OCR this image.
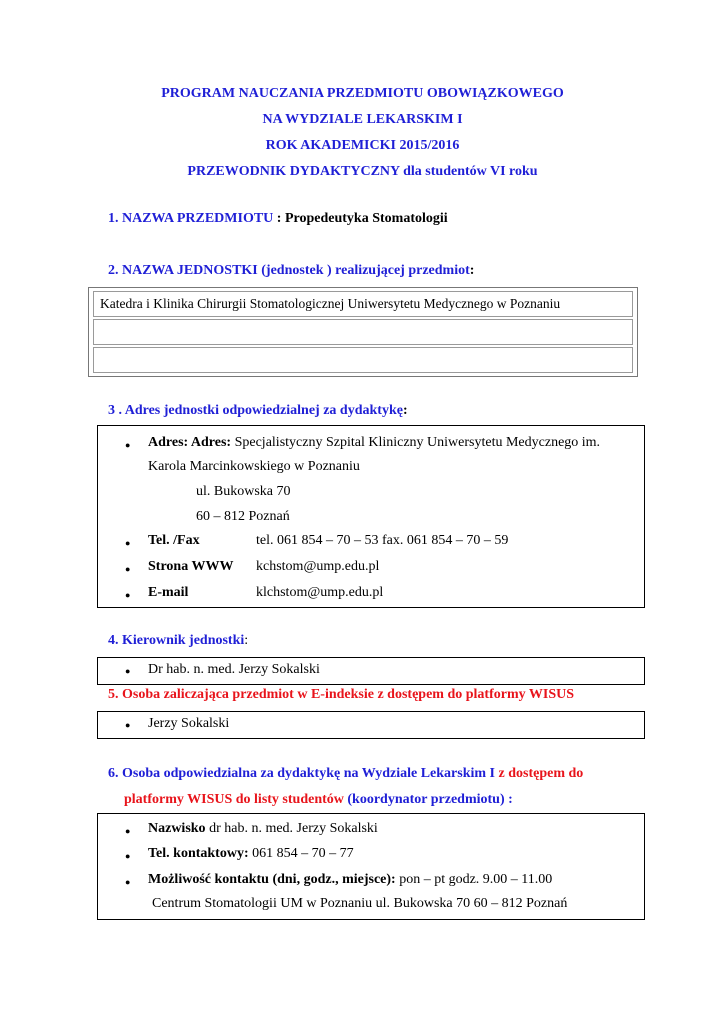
PROGRAM NAUCZANIA PRZEDMIOTU OBOWIĄZKOWEGO
NA WYDZIALE LEKARSKIM I
ROK AKADEMICKI 2015/2016
PRZEWODNIK DYDAKTYCZNY dla studentów VI roku
1. NAZWA PRZEDMIOTU : Propedeutyka Stomatologii
2. NAZWA JEDNOSTKI (jednostek ) realizującej przedmiot:
Katedra i Klinika Chirurgii Stomatologicznej Uniwersytetu Medycznego w Poznaniu
3 . Adres jednostki odpowiedzialnej za dydaktykę:
● Adres: Adres: Specjalistyczny Szpital Kliniczny Uniwersytetu Medycznego im.
Karola Marcinkowskiego w Poznaniu
ul. Bukowska 70
60 – 812 Poznań
● Tel. /Fax	tel. 061 854 – 70 – 53 fax. 061 854 – 70 – 59
● Strona WWW kchstom@ump.edu.pl
● E-mail	klchstom@ump.edu.pl
4. Kierownik jednostki:
● Dr hab. n. med. Jerzy Sokalski
5. Osoba zaliczająca przedmiot w E-indeksie z dostępem do platformy WISUS
● Jerzy Sokalski
6. Osoba odpowiedzialna za dydaktykę na Wydziale Lekarskim I z dostępem do
platformy WISUS do listy studentów (koordynator przedmiotu) :
● Nazwisko dr hab. n. med. Jerzy Sokalski
● Tel. kontaktowy: 061 854 – 70 – 77
● Możliwość kontaktu (dni, godz., miejsce): pon – pt godz. 9.00 – 11.00
Centrum Stomatologii UM w Poznaniu ul. Bukowska 70 60 – 812 Poznań
